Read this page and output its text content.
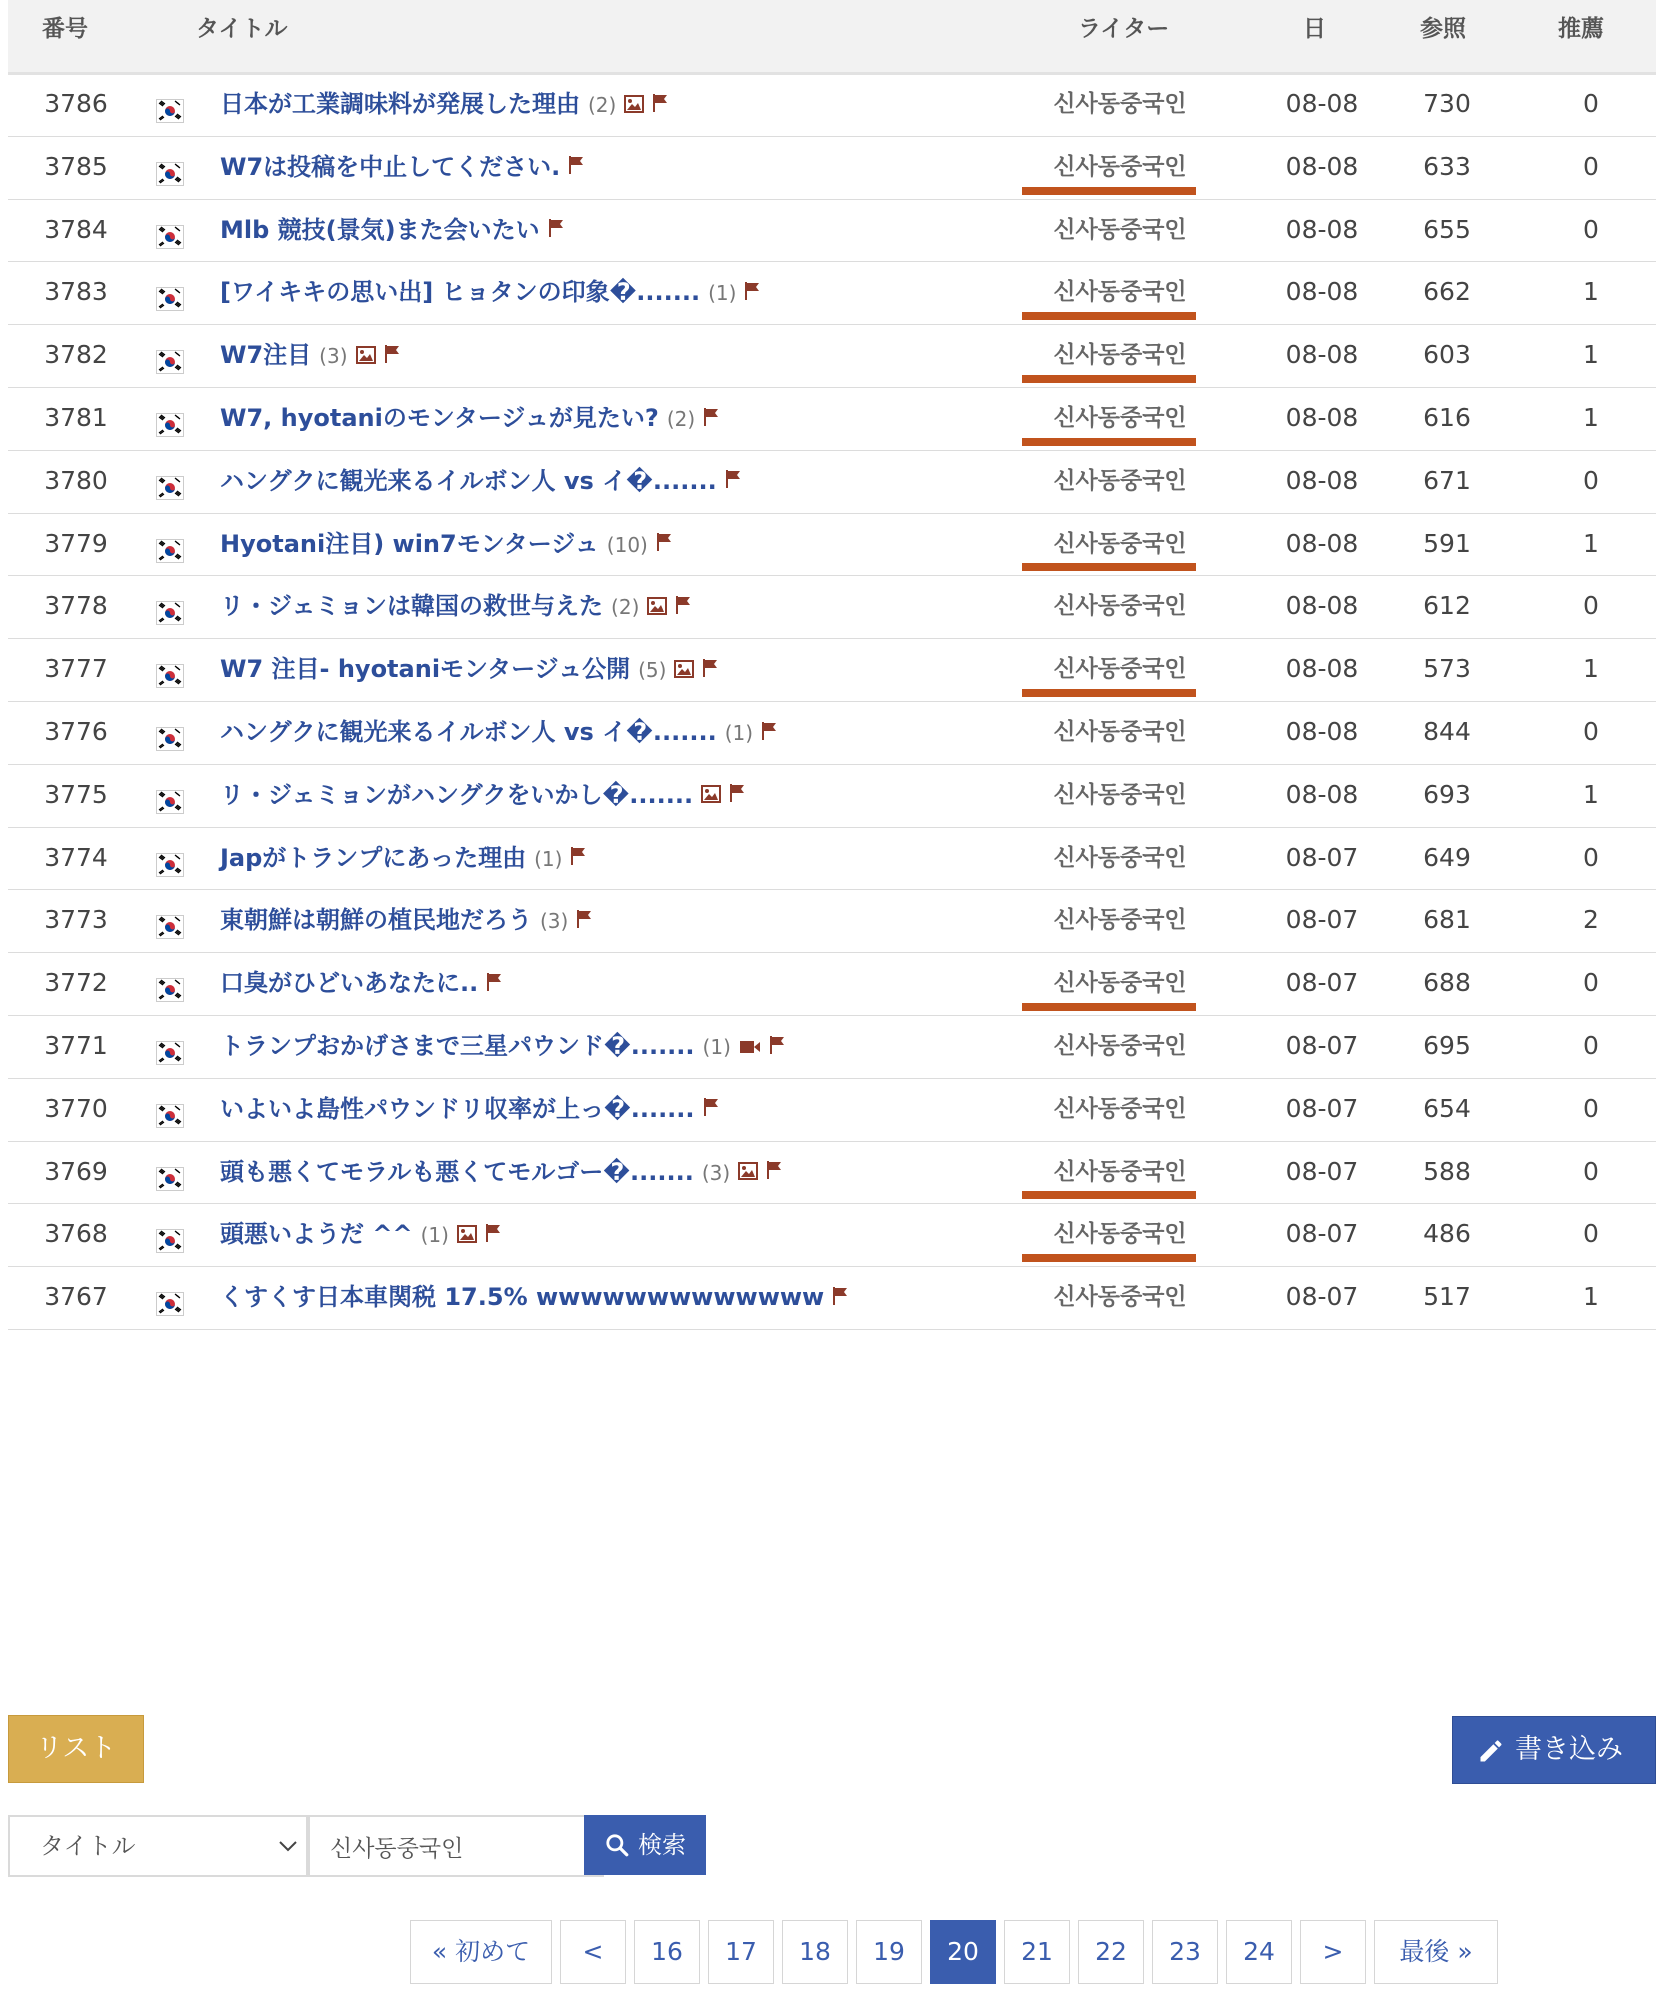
番号	タイトル	ライター	日	参照	推薦
3786	日本が工業調味料が発展した理由 (2)	신사동중국인	08-08	730	0
3785	W7は投稿を中止してください.	신사동중국인	08-08	633	0
3784	Mlb 競技(景気)また会いたい	신사동중국인	08-08	655	0
3783	[ワイキキの思い出] ヒョタンの印象�....... (1)	신사동중국인	08-08	662	1
3782	W7注目 (3)	신사동중국인	08-08	603	1
3781	W7, hyotaniのモンタージュが見たい? (2)	신사동중국인	08-08	616	1
3780	ハングクに観光来るイルボン人 vs イ�.......	신사동중국인	08-08	671	0
3779	Hyotani注目) win7モンタージュ (10)	신사동중국인	08-08	591	1
3778	リ・ジェミョンは韓国の救世与えた (2)	신사동중국인	08-08	612	0
3777	W7 注目- hyotaniモンタージュ公開 (5)	신사동중국인	08-08	573	1
3776	ハングクに観光来るイルボン人 vs イ�....... (1)	신사동중국인	08-08	844	0
3775	リ・ジェミョンがハングクをいかし�.......	신사동중국인	08-08	693	1
3774	Japがトランプにあった理由 (1)	신사동중국인	08-07	649	0
3773	東朝鮮は朝鮮の植民地だろう (3)	신사동중국인	08-07	681	2
3772	口臭がひどいあなたに..	신사동중국인	08-07	688	0
3771	トランプおかげさまで三星パウンド�....... (1)	신사동중국인	08-07	695	0
3770	いよいよ島性パウンドリ収率が上っ�.......	신사동중국인	08-07	654	0
3769	頭も悪くてモラルも悪くてモルゴー�....... (3)	신사동중국인	08-07	588	0
3768	頭悪いようだ ^^ (1)	신사동중국인	08-07	486	0
3767	くすくす日本車関税 17.5% wwwwwwwwwwwww	신사동중국인	08-07	517	1
リスト	書き込み
タイトル
신사동중국인	検索
« 初めて	<	16	17	18	19	20	21	22	23	24	>	最後 »
